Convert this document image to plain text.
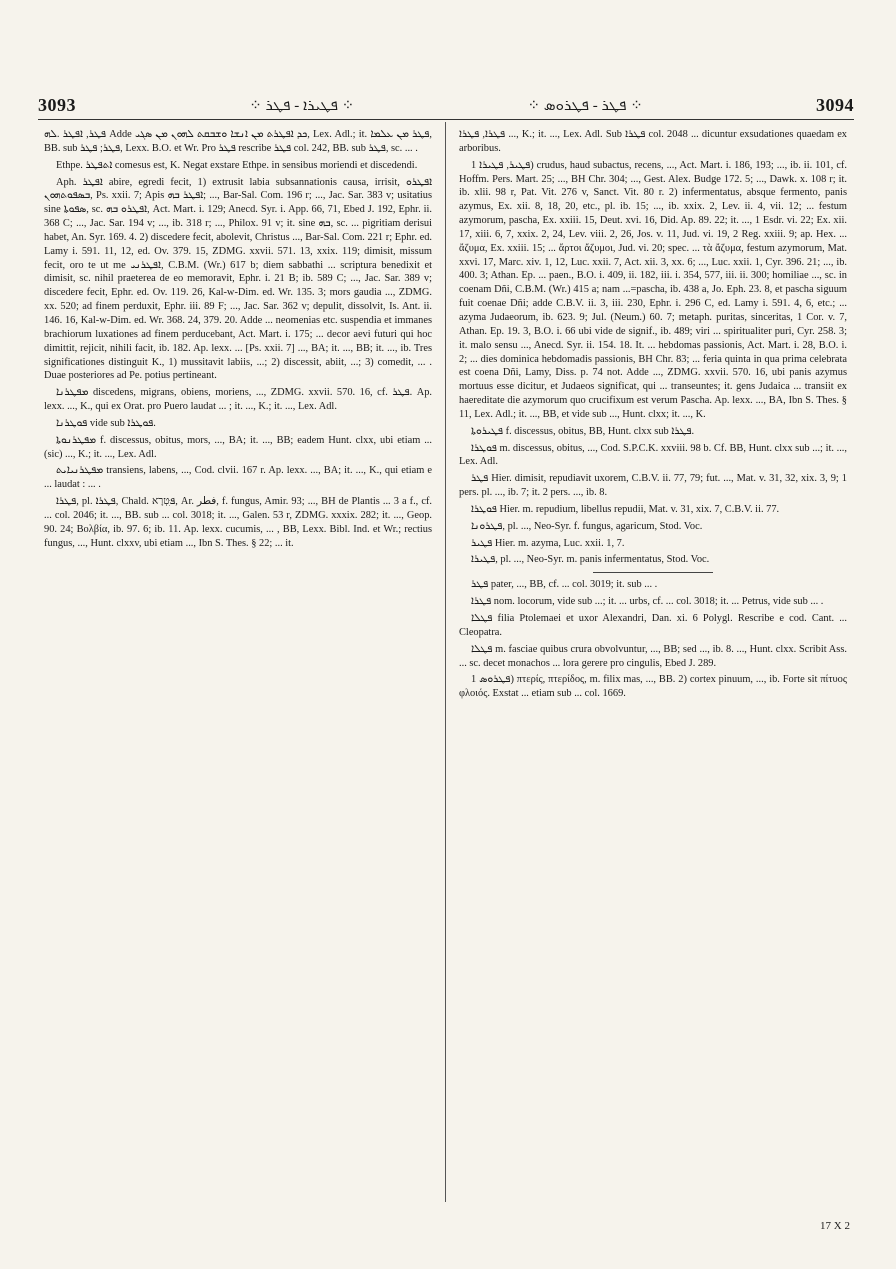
3093	⁘ ܦܛܝܪܐ - ܦܛܪ ⁘	⁘ ܦܛܪ - ܦܛܪܘܣ ⁘	3094

ܦܛܪ, ܐܦܛܪ .ܠܗ Adde ܟܕ ܐܦܛܪܬ ܡܢ ܐܢܫܐ ܘܫܒܩܬ ܠܗܘܢ ܡܢ ܣܓܝ, Lex. Adl.; it. ܦܛܪ ܡܢ ܥܠܡܐ, BB. sub ܦܛܪ; ܦܛܪ, Lexx. B.O. et Wr. Pro ܦܛܪ rescribe ܦܛܪ col. 242, BB. sub ܦܛܪ, sc. ... .

Ethpe. ܐܬܦܛܪ comesus est, K. Negat exstare Ethpe. in sensibus moriendi et discedendi.

Aph. ܐܦܛܪ abire, egredi fecit, 1) extrusit labia subsannationis causa, irrisit, ܐܦܛܪܘ ܒܣܦܘܬܗܘܢ, Ps. xxii. 7; Apis ܐܦܛܪ ܒܗ; ..., Bar-Sal. Com. 196 r; ..., Jac. Sar. 383 v; usitatius sine ܣܦܘܬܐ, sc. ܐܦܛܪܘ ܒܗ, Act. Mart. i. 129; Anecd. Syr. i. App. 66, 71, Ebed J. 192, Ephr. ii. 368 C; ..., Jac. Sar. 194 v; ..., ib. 318 r; ..., Philox. 91 v; it. sine ܒܗ, sc. ... pigritiam derisui habet, An. Syr. 169. 4. 2) discedere fecit, abolevit, Christus ..., Bar-Sal. Com. 221 r; Ephr. ed. Lamy i. 591. 11, 12, ed. Ov. 379. 15, ZDMG. xxvii. 571. 13, xxix. 119; dimisit, missum fecit, oro te ut me ܐܦܛܪܢܝ, C.B.M. (Wr.) 617 b; diem sabbathi ... scriptura benedixit et dimisit, sc. nihil praeterea de eo memoravit, Ephr. i. 21 B; ib. 589 C; ..., Jac. Sar. 389 v; discedere fecit, Ephr. ed. Ov. 119. 26, Kal-w-Dim. ed. Wr. 135. 3; mors gaudia ..., ZDMG. xx. 520; ad finem perduxit, Ephr. iii. 89 F; ..., Jac. Sar. 362 v; depulit, dissolvit, Is. Ant. ii. 146. 16, Kal-w-Dim. ed. Wr. 368. 24, 379. 20. Adde ... neomenias etc. suspendia et immanes brachiorum luxationes ad finem perducebant, Act. Mart. i. 175; ... decor aevi futuri qui hoc dimittit, rejicit, nihili facit, ib. 182. Ap. lexx. ... [Ps. xxii. 7] ..., BA; it. ..., BB; it. ..., ib. Tres significationes distinguit K., 1) mussitavit labiis, ...; 2) discessit, abiit, ...; 3) comedit, ... . Duae posteriores ad Pe. potius pertineant.

ܡܦܛܪܢܐ discedens, migrans, obiens, moriens, ..., ZDMG. xxvii. 570. 16, cf. ܦܛܪ. Ap. lexx. ..., K., qui ex Orat. pro Puero laudat ... ; it. ..., K.; it. ..., Lex. Adl.

ܦܘܛܪܢܐ vide sub ܦܘܛܪܐ.

ܡܦܛܪܢܘܬܐ f. discessus, obitus, mors, ..., BA; it. ..., BB; eadem Hunt. clxx, ubi etiam ... (sic) ..., K.; it. ..., Lex. Adl.

ܡܦܛܪܢܝܐܝܬ transiens, labens, ..., Cod. clvii. 167 r. Ap. lexx. ..., BA; it. ..., K., qui etiam e ... laudat : ... .

ܦܛܪܐ, pl. ܦܛܪܐ, Chald. ܦִּטְרָא, Ar. فطر, f. fungus, Amir. 93; ..., BH de Plantis ... 3 a f., cf. ... col. 2046; it. ..., BB. sub ... col. 3018; it. ..., Galen. 53 r, ZDMG. xxxix. 282; it. ..., Geop. 90. 24; Βολβία, ib. 97. 6; ib. 11. Ap. lexx. cucumis, ... , BB, Lexx. Bibl. Ind. et Wr.; rectius fungus, ..., Hunt. clxxv, ubi etiam ..., Ibn S. Thes. § 22; ... it.

ܦܛܪܐ, ܦܛܪܐ ..., K.; it. ..., Lex. Adl. Sub ܦܛܪܐ col. 2048 ... dicuntur exsudationes quaedam ex arboribus.

ܦܛܝܪ, ܦܛܝܪܐ 1) crudus, haud subactus, recens, ..., Act. Mart. i. 186, 193; ..., ib. ii. 101, cf. Hoffm. Pers. Mart. 25; ..., BH Chr. 304; ..., Gest. Alex. Budge 172. 5; ..., Dawk. x. 108 r; it. ib. xlii. 98 r, Pat. Vit. 276 v, Sanct. Vit. 80 r. 2) infermentatus, absque fermento, panis azymus, Ex. xii. 8, 18, 20, etc., pl. ib. 15; ..., ib. xxix. 2, Lev. ii. 4, vii. 12; ... festum azymorum, pascha, Ex. xxiii. 15, Deut. xvi. 16, Did. Ap. 89. 22; it. ..., 1 Esdr. vi. 22; Ex. xii. 17, xiii. 6, 7, xxix. 2, 24, Lev. viii. 2, 26, Jos. v. 11, Jud. vi. 19, 2 Reg. xxiii. 9; ap. Hex. ... ἄζυμα, Ex. xxiii. 15; ... ἄρτοι ἄζυμοι, Jud. vi. 20; spec. ... τὰ ἄζυμα, festum azymorum, Mat. xxvi. 17, Marc. xiv. 1, 12, Luc. xxii. 7, Act. xii. 3, xx. 6; ..., Luc. xxii. 1, Cyr. 396. 21; ..., ib. 400. 3; Athan. Ep. ... paen., B.O. i. 409, ii. 182, iii. i. 354, 577, iii. ii. 300; homiliae ..., sc. in coenam Dñi, C.B.M. (Wr.) 415 a; nam ...=pascha, ib. 438 a, Jo. Eph. 23. 8, et pascha siguum fuit coenae Dñi; adde C.B.V. ii. 3, iii. 230, Ephr. i. 296 C, ed. Lamy i. 591. 4, 6, etc.; ... azyma Judaeorum, ib. 623. 9; Jul. (Neum.) 60. 7; metaph. puritas, sinceritas, 1 Cor. v. 7, Athan. Ep. 19. 3, B.O. i. 66 ubi vide de signif., ib. 489; viri ... spiritualiter puri, Cyr. 258. 3; it. malo sensu ..., Anecd. Syr. ii. 154. 18. It. ... hebdomas passionis, Act. Mart. i. 28, B.O. i. 2; ... dies dominica hebdomadis passionis, BH Chr. 83; ... feria quinta in qua prima celebrata est coena Dñi, Lamy, Diss. p. 74 not. Adde ..., ZDMG. xxvii. 570. 16, ubi panis azymus mortuus esse dicitur, et Judaeos significat, qui ... transeuntes; it. gens Judaica ... transiit ex haereditate die azymorum quo crucifixum est verum Pascha. Ap. lexx. ..., BA, Ibn S. Thes. § 11, Lex. Adl.; it. ..., BB, et vide sub ..., Hunt. clxx; it. ..., K.

ܦܛܝܪܘܬܐ f. discessus, obitus, BB, Hunt. clxx sub ܦܛܪܐ.

ܦܘܛܪܐ m. discessus, obitus, ..., Cod. S.P.C.K. xxviii. 98 b. Cf. BB, Hunt. clxx sub ...; it. ..., Lex. Adl.

ܦܛܪ Hier. dimisit, repudiavit uxorem, C.B.V. ii. 77, 79; fut. ..., Mat. v. 31, 32, xix. 3, 9; 1 pers. pl. ..., ib. 7; it. 2 pers. ..., ib. 8.

ܦܘܛܪܐ Hier. m. repudium, libellus repudii, Mat. v. 31, xix. 7, C.B.V. ii. 77.

ܦܛܪܘܢܐ, pl. ..., Neo-Syr. f. fungus, agaricum, Stod. Voc.

ܦܛܝܪ Hier. m. azyma, Luc. xxii. 1, 7.

ܦܛܝܪܐ, pl. ..., Neo-Syr. m. panis infermentatus, Stod. Voc.

ܦܛܪ pater, ..., BB, cf. ... col. 3019; it. sub ... .

ܦܛܪܐ nom. locorum, vide sub ...; it. ... urbs, cf. ... col. 3018; it. ... Petrus, vide sub ... .

ܦܛܠܐ filia Ptolemaei et uxor Alexandri, Dan. xi. 6 Polygl. Rescribe e cod. Cant. ... Cleopatra.

ܦܛܠܐ m. fasciae quibus crura obvolvuntur, ..., BB; sed ..., ib. 8. ..., Hunt. clxx. Scribit Ass. ... sc. decet monachos ... lora gerere pro cingulis, Ebed J. 289.

ܦܛܪܘܣ 1) πτερίς, πτερίδος, m. filix mas, ..., BB. 2) cortex pinuum, ..., ib. Forte sit πίτυος φλοιός. Exstat ... etiam sub ... col. 1669.

17 X 2
